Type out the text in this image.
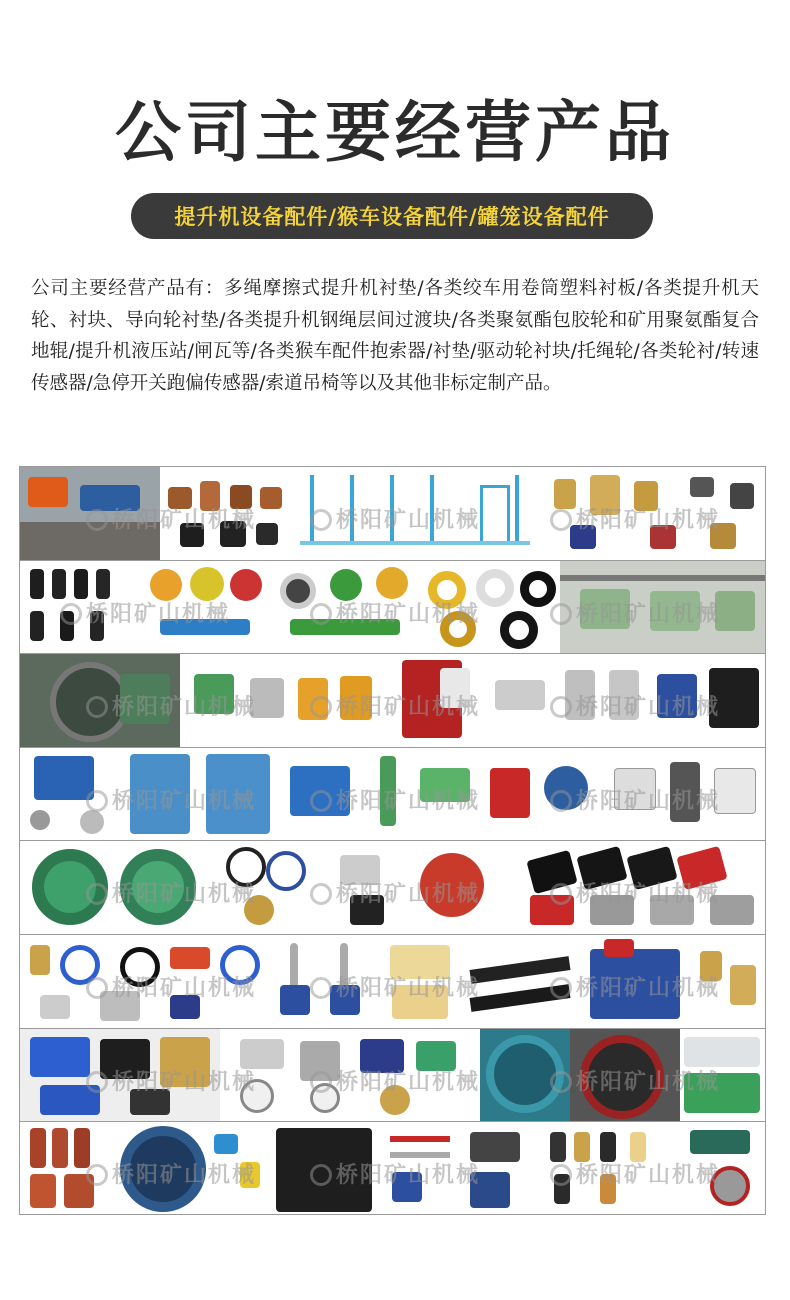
公司主要经营产品
提升机设备配件/猴车设备配件/罐笼设备配件
公司主要经营产品有：多绳摩擦式提升机衬垫/各类绞车用卷筒塑料衬板/各类提升机天轮、衬块、导向轮衬垫/各类提升机钢绳层间过渡块/各类聚氨酯包胶轮和矿用聚氨酯复合地辊/提升机液压站/闸瓦等/各类猴车配件抱索器/衬垫/驱动轮衬块/托绳轮/各类轮衬/转速传感器/急停开关跑偏传感器/索道吊椅等以及其他非标定制产品。
桥阳矿山机械	桥阳矿山机械	桥阳矿山机械
桥阳矿山机械	桥阳矿山机械	桥阳矿山机械
桥阳矿山机械	桥阳矿山机械	桥阳矿山机械
桥阳矿山机械	桥阳矿山机械	桥阳矿山机械
桥阳矿山机械	桥阳矿山机械	桥阳矿山机械
桥阳矿山机械	桥阳矿山机械	桥阳矿山机械
桥阳矿山机械	桥阳矿山机械	桥阳矿山机械
桥阳矿山机械	桥阳矿山机械	桥阳矿山机械
